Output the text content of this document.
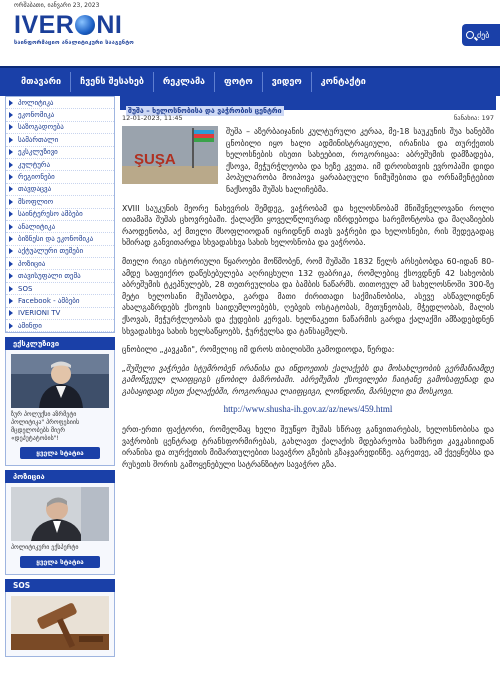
ორშაბათი, იანვარი 23, 2023
IVER NI
საინფორმაციო ანალიტიკური სააგენტო
ძებ
მთავარი	ჩვენს შესახებ	რეკლამა	ფოტო	ვიდეო	კონტაქტი
პოლიტიკა
ეკონომიკა
საზოგადოება
სამართალი
ეკსკლუზივი
კულტურა
რეგიონები
თავდაცვა
მსოფლიო
საინტერესო ამბები
ანალიტიკა
ბიზნესი და ეკონომიკა
აქტუალური თემები
პოზიცია
თავისუფალი თემა
SOS
Facebook - ამბები
IVERIONI TV
ამინდი
ექსკლუზივი
ზურ პოლუქსი აზრმეტი პოლიტიკა" პროფესიის მცდელობებს მიერ «დეპუტატობის"!
ყველა სტატია
პოზიცია
პოლიტიკური ექსპერტი
ყველა სტატია
SOS
შუშა – ხელოსნობისა და ვაჭრობის ცენტრი
12-01-2023, 11:45	ნანახია: 197
ŞUŞA

შუშა – აზერბაიჯანის კულტურული კერაა, მე-18 საუკუნის შუა ხანებში ცნობილი იყო ხალი ადმინისტრაციული, ირანისა და თურქეთის ხელოსნების ისეთი სახეებით, როგორიცაა: აბრეშუმის დამზადება, ქსოვა, მეჭურჭლეობა და ხეზე კვეთა. იმ დროისთვის ევროპაში დიდი პოპულარობა მოიპოვა ყარაბაღული ნიმუშებითა და ორნამენტებით ნაქსოვმა შუშას ხალიჩებმა.

XVIII საუკუნის მეორე ნახევრის შემდეგ, ვაჭრობამ და ხელოსნობამ მნიშვნელოვანი როლი ითამაშა შუშას ცხოვრებაში. ქალაქში ყოველწლიურად იზრდებოდა სარემონტოსა და მაღაზიების რაოდენობა, აქ მთელი მსოფლიოდან იყრიდნენ თავს ვაჭრები და ხელოსნები, რის შედეგადაც ხშირად განვითარდა სხვადასხვა სახის ხელოსნობა და ვაჭრობა.

მთელი რიგი ისტორიული წყაროები მოწმობენ, რომ შუშაში 1832 წელს არსებობდა 60-იდან 80-ამდე საფეიქრო დაწესებულება აღრიცხული 132 ფაბრიკა, რომლებიც ქსოვდნენ 42 სახეობის აბრეშუმის ტკეპნულებს, 28 თეთრეულისა და ბამბის ნაწარმს. თითოეულ ამ სახელოსნოში 300-ზე მეტი ხელოსანი მუშაობდა, გარდა მათი ძირითადი საქმიანობისა, ასევე ასწავლიდნენ ახალგაზრდებს ქსოვის საიდუმლოებებს, ღებვის ოსტატობას, მეთუნეობას, მჭედლობას, მალის ქსოვას, მეჭურჭლეობას და ქუდების კერვას. ხელნაკეთი ნაწარმის გარდა ქალაქში ამზადებდნენ სხვადასხვა სახის ხელსაწყოებს, ჭურჭელსა და ტანსაცმელს.

ცნობილი „კავკაზი", რომელიც იმ დროს თბილისში გამოდიოდა, წერდა:

„შუშელი ვაჭრები სტუმრობენ ირანისა და ინდოეთის ქალაქებს და მოსახლეობის გერმანიამდე გამოწვეულ ლაიფციგს ცნობილ ბაზრობაში. აბრეშუმის ქსოვილები ჩაიტანე გამოსაფენად და გასაყიდად ისეთ ქალაქებში, როგორიცაა ლაიფციგი, ლონდონი, მარსელი და მოსკოვი.

http://www.shusha-ih.gov.az/az/news/459.html

ერთ-ერთი ფაქტორი, რომელმაც ხელი შეუწყო შუშას სწრაფ განვითარებას, ხელოსნობისა და ვაჭრობის ცენტრად ტრანსფორმირებას, გახლავთ ქალაქის მდებარეობა სამხრეთ კავკასიიდან ირანისა და თურქეთის მიმართულებით სავაჭრო გზების გზაჯვარედინზე. აგრეთვე, ამ ქვეყნებსა და რუსეთს შორის გამოყენებული სატრანზიტო სავაჭრო გზა.
